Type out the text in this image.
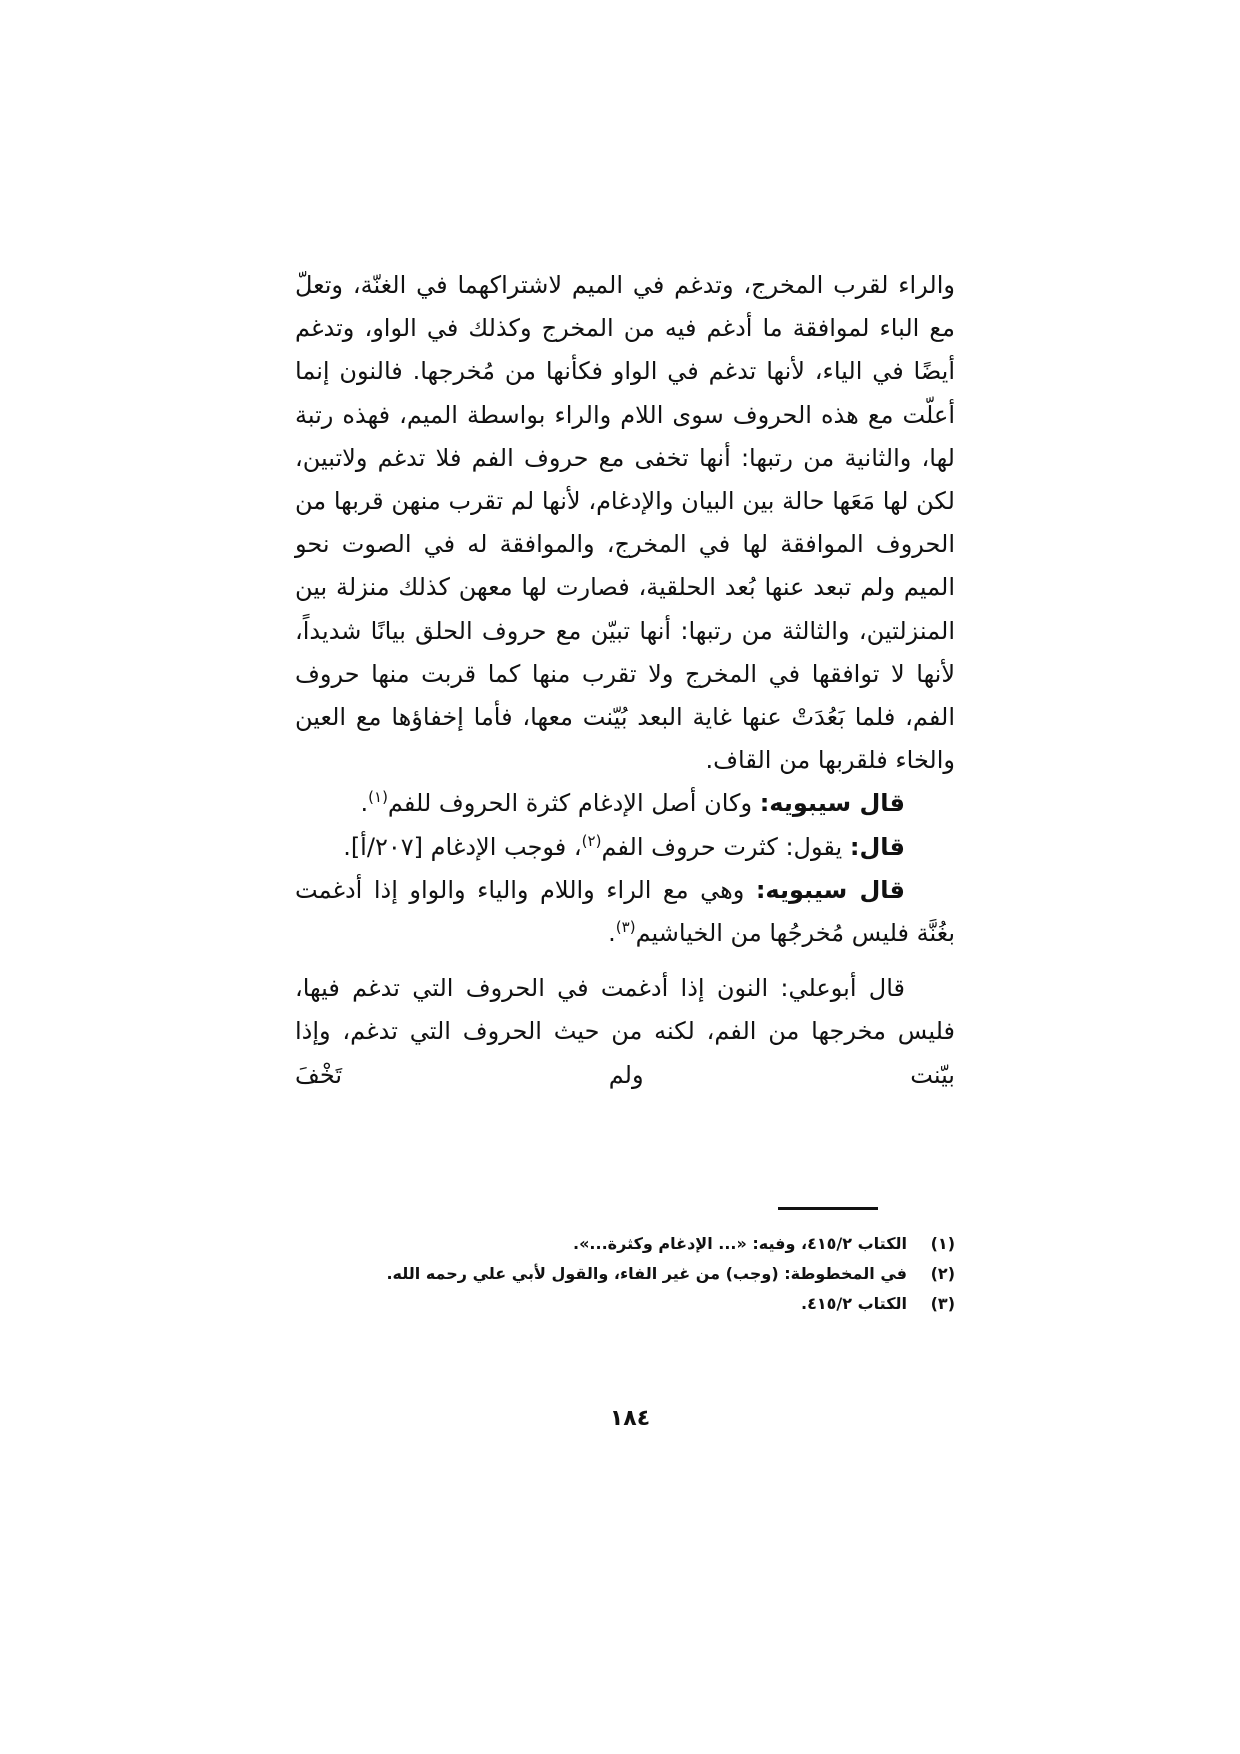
والراء لقرب المخرج، وتدغم في الميم لاشتراكهما في الغنّة، وتعلّ مع الباء لموافقة ما أدغم فيه من المخرج وكذلك في الواو، وتدغم أيضًا في الياء، لأنها تدغم في الواو فكأنها من مُخرجها. فالنون إنما أعلّت مع هذه الحروف سوى اللام والراء بواسطة الميم، فهذه رتبة لها، والثانية من رتبها: أنها تخفى مع حروف الفم فلا تدغم ولاتبين، لكن لها مَعَها حالة بين البيان والإدغام، لأنها لم تقرب منهن قربها من الحروف الموافقة لها في المخرج، والموافقة له في الصوت نحو الميم ولم تبعد عنها بُعد الحلقية، فصارت لها معهن كذلك منزلة بين المنزلتين، والثالثة من رتبها: أنها تبيّن مع حروف الحلق بيانًا شديداً، لأنها لا توافقها في المخرج ولا تقرب منها كما قربت منها حروف الفم، فلما بَعُدَتْ عنها غاية البعد بُيّنت معها، فأما إخفاؤها مع العين والخاء فلقربها من القاف.

قال سيبويه: وكان أصل الإدغام كثرة الحروف للفم$^{(١)}$.

قال: يقول: كثرت حروف الفم$^{(٢)}$، فوجب الإدغام [٢٠٧/أ].

قال سيبويه: وهي مع الراء واللام والياء والواو إذا أدغمت بغُنَّة فليس مُخرجُها من الخياشيم$^{(٣)}$.

قال أبوعلي: النون إذا أدغمت في الحروف التي تدغم فيها، فليس مخرجها من الفم، لكنه من حيث الحروف التي تدغم، وإذا بيّنت ولم تَخْفَ

(١)الكتاب ٤١٥/٢، وفيه: «... الإدغام وكثرة...».
(٢)في المخطوطة: (وجب) من غير الفاء، والقول لأبي علي رحمه الله.
(٣)الكتاب ٤١٥/٢.
١٨٤
